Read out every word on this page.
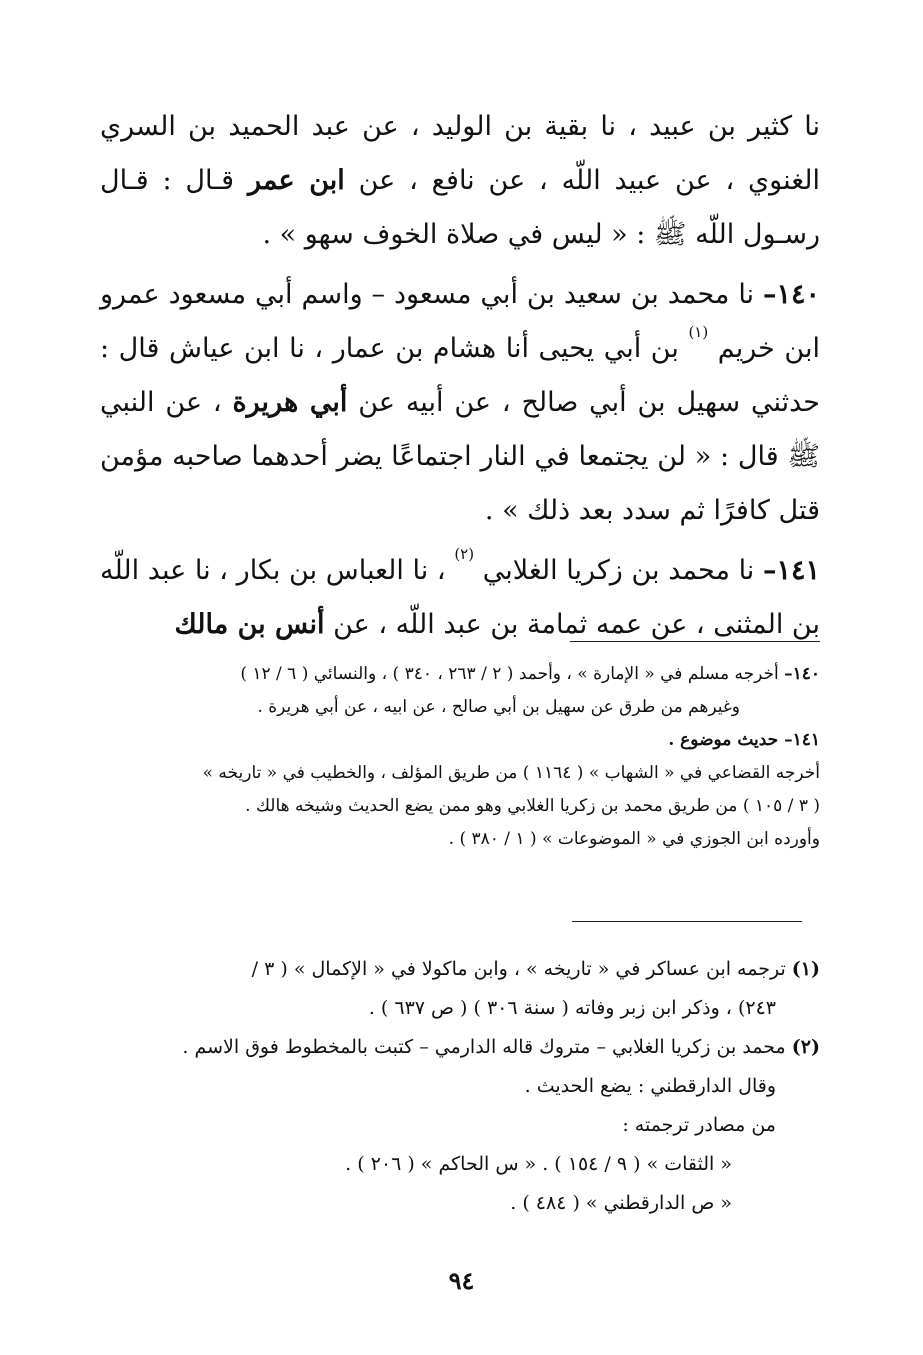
نا كثير بن عبيد ، نا بقية بن الوليد ، عن عبد الحميد بن السري الغنوي ، عن عبيد اللّه ، عن نافع ، عن ابن عمر قـال : قـال رسـول اللّه ﷺ : « ليس في صلاة الخوف سهو » .

١٤٠– نا محمد بن سعيد بن أبي مسعود – واسم أبي مسعود عمرو ابن خريم $^{(١)}$ بن أبي يحيى أنا هشام بن عمار ، نا ابن عياش قال : حدثني سهيل بن أبي صالح ، عن أبيه عن أبي هريرة ، عن النبي ﷺ قال : « لن يجتمعا في النار اجتماعًا يضر أحدهما صاحبه مؤمن قتل كافرًا ثم سدد بعد ذلك » .

١٤١– نا محمد بن زكريا الغلابي $^{(٢)}$ ، نا العباس بن بكار ، نا عبد اللّه بن المثنى ، عن عمه ثمامة بن عبد اللّه ، عن أنس بن مالك

١٤٠– أخرجه مسلم في « الإمارة » ، وأحمد ( ٢ / ٢٦٣ ، ٣٤٠ ) ، والنسائي ( ٦ / ١٢ )
وغيرهم من طرق عن سهيل بن أبي صالح ، عن ابيه ، عن أبي هريرة .
١٤١– حديث موضوع .
أخرجه القضاعي في « الشهاب » ( ١١٦٤ ) من طريق المؤلف ، والخطيب في « تاريخه »
( ٣ / ١٠٥ ) من طريق محمد بن زكريا الغلابي وهو ممن يضع الحديث وشيخه هالك .
وأورده ابن الجوزي في « الموضوعات » ( ١ / ٣٨٠ ) .
(١) ترجمه ابن عساكر في « تاريخه » ، وابن ماكولا في « الإكمال » ( ٣ /
٢٤٣) ، وذكر ابن زبر وفاته ( سنة ٣٠٦ ) ( ص ٦٣٧ ) .
(٢) محمد بن زكريا الغلابي – متروك قاله الدارمي – كتبت بالمخطوط فوق الاسم .
وقال الدارقطني : يضع الحديث .
من مصادر ترجمته :
« الثقات » ( ٩ / ١٥٤ ) . « س الحاكم » ( ٢٠٦ ) .
« ص الدارقطني » ( ٤٨٤ ) .
٩٤
